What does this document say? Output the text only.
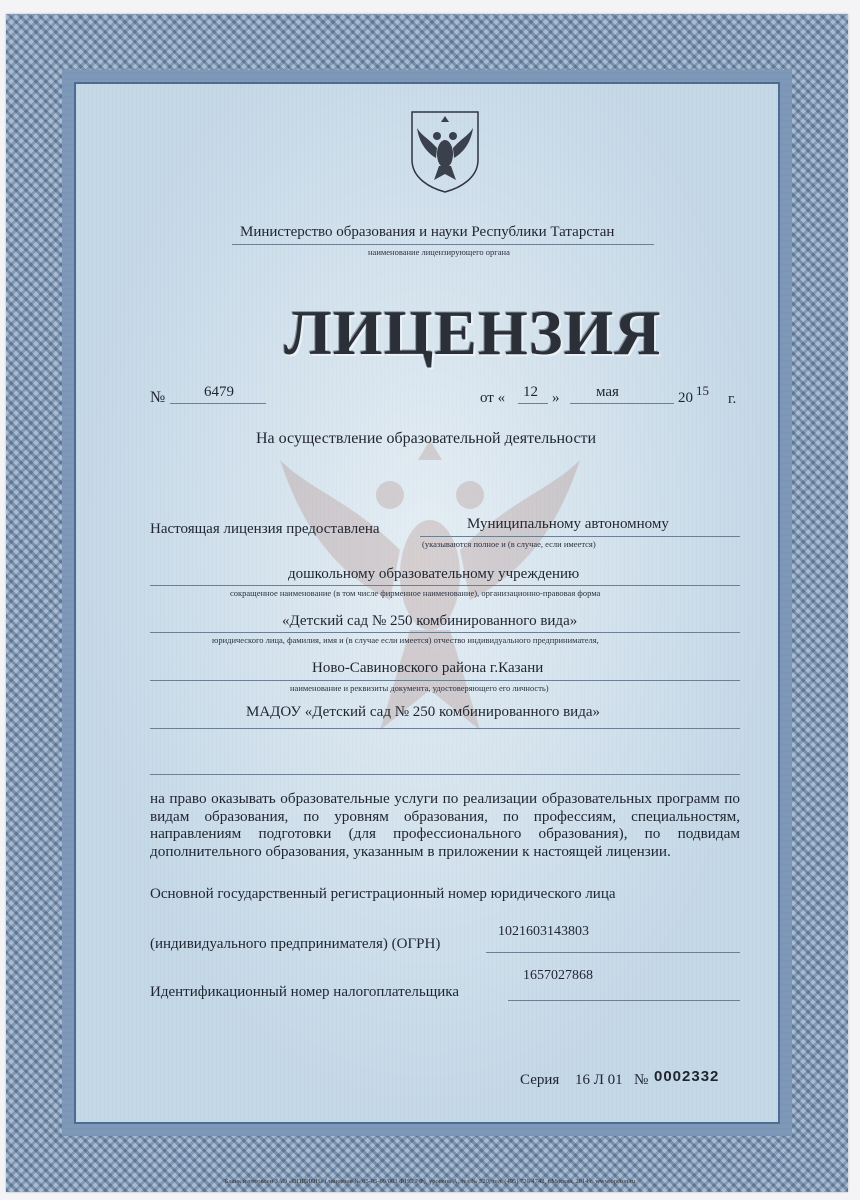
Министерство образования и науки Республики Татарстан
наименование лицензирующего органа
ЛИЦЕНЗИЯ
№	6479	от « 12 » мая	20 15
г.
На осуществление образовательной деятельности
Настоящая лицензия предоставлена	Муниципальному автономному
(указываются полное и (в случае, если имеется)
дошкольному образовательному учреждению
сокращенное наименование (в том числе фирменное наименование), организационно-правовая форма
«Детский сад № 250 комбинированного вида»
юридического лица, фамилия, имя и (в случае если имеется) отчество индивидуального предпринимателя,
Ново-Савиновского района г.Казани
наименование и реквизиты документа, удостоверяющего его личность)
МАДОУ «Детский сад № 250 комбинированного вида»
на право оказывать образовательные услуги по реализации образовательных программ по видам образования, по уровням образования, по профессиям, специальностям, направлениям подготовки (для профессионального образования), по подвидам дополнительного образования, указанным в приложении к настоящей лицензии.
Основной государственный регистрационный номер юридического лица
(индивидуального предпринимателя) (ОГРН)
1021603143803
Идентификационный номер налогоплательщика
1657027868
Серия 16 Л 01 № 0002332
Бланк изготовлен ЗАО «ОПЦИОН» (лицензия № 05-05-09/003 ФНС РФ), уровень А, тел № 520, тел. (495) 726 4742, г.Москва, 2014 г. www.opcion.ru
